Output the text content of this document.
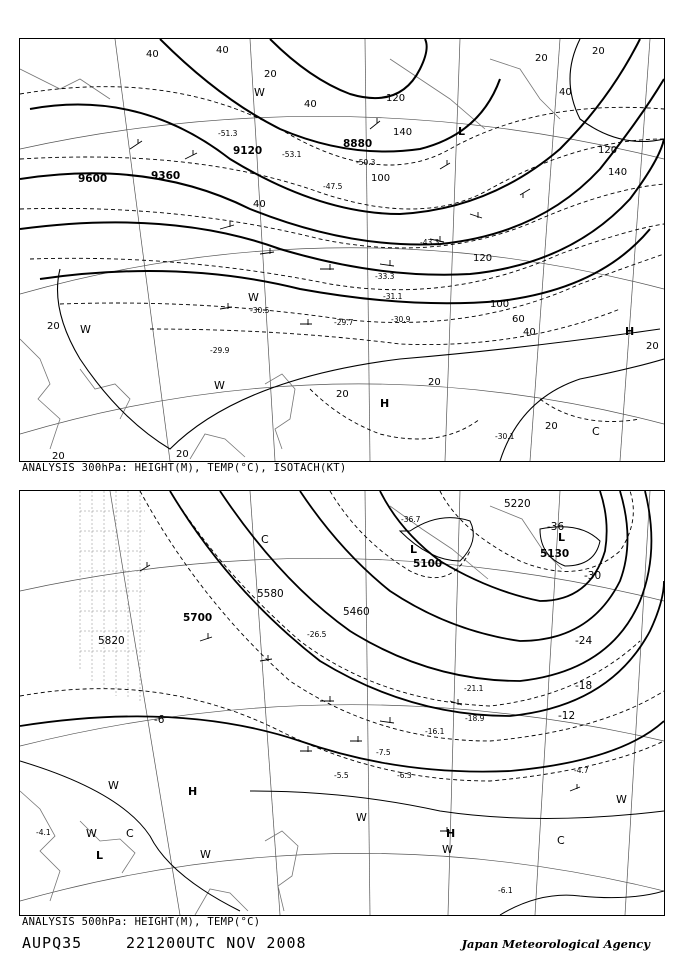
9600	9360
9120
8880
40	40
20
40
120
140
20
20
40
120
140
40
20
120
100
100
60
40
20
20
20
20
20	20
-51.3
-53.1
-50.3
-47.5
-43.3
-33.3
-31.1
-30.9
-29.7
-30.5
-29.9
-30.1
L
H
H
C
W
W
W
W
ANALYSIS 300hPa: HEIGHT(M), TEMP(°C), ISOTACH(KT)
5820
5700
5580
5460
5220
5100
5130
-36
-30
-24
-18
-12
-6
-26.5
-36.7
-16.1
-18.9
-21.1
-7.5
-5.5	-6.3
-4.7
-6.1
-4.1
L
L
L
H
H
C
C
C
W
W
W
W
W
W
ANALYSIS 500hPa: HEIGHT(M), TEMP(°C)
AUPQ35	221200UTC NOV 2008	Japan Meteorological Agency
